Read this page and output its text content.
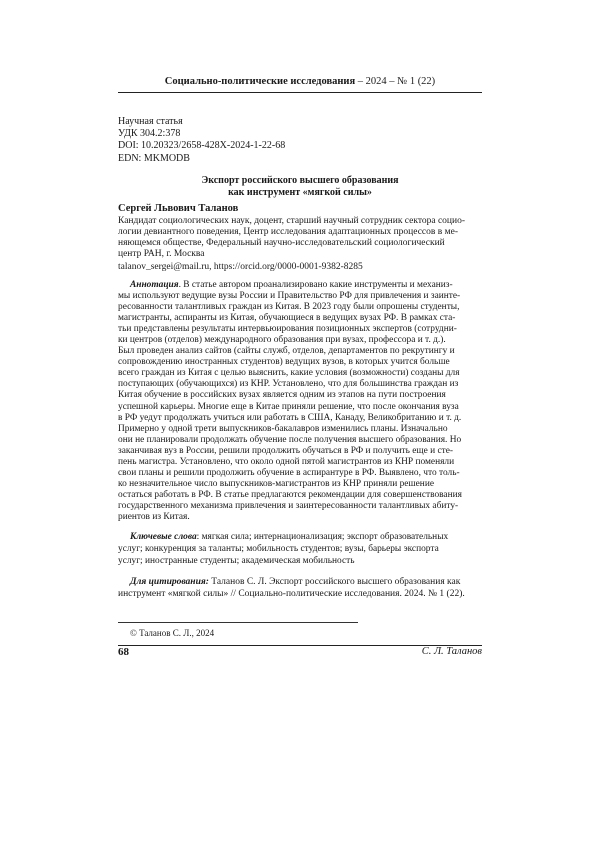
Социально-политические исследования – 2024 – № 1 (22)
Научная статья
УДК 304.2:378
DOI: 10.20323/2658-428X-2024-1-22-68
EDN: MKMODB
Экспорт российского высшего образования
как инструмент «мягкой силы»
Сергей Львович Таланов
Кандидат социологических наук, доцент, старший научный сотрудник сектора социо-
логии девиантного поведения, Центр исследования адаптационных процессов в ме-
няющемся обществе, Федеральный научно-исследовательский социологический
центр РАН, г. Москва
talanov_sergei@mail.ru, https://orcid.org/0000-0001-9382-8285
Аннотация. В статье автором проанализировано какие инструменты и механиз-
мы используют ведущие вузы России и Правительство РФ для привлечения и заинте-
ресованности талантливых граждан из Китая. В 2023 году были опрошены студенты,
магистранты, аспиранты из Китая, обучающиеся в ведущих вузах РФ. В рамках ста-
тьи представлены результаты интервьюирования позиционных экспертов (сотрудни-
ки центров (отделов) международного образования при вузах, профессора и т. д.).
Был проведен анализ сайтов (сайты служб, отделов, департаментов по рекрутингу и
сопровождению иностранных студентов) ведущих вузов, в которых учится больше
всего граждан из Китая с целью выяснить, какие условия (возможности) созданы для
поступающих (обучающихся) из КНР. Установлено, что для большинства граждан из
Китая обучение в российских вузах является одним из этапов на пути построения
успешной карьеры. Многие еще в Китае приняли решение, что после окончания вуза
в РФ уедут продолжать учиться или работать в США, Канаду, Великобританию и т. д.
Примерно у одной трети выпускников-бакалавров изменились планы. Изначально
они не планировали продолжать обучение после получения высшего образования. Но
заканчивая вуз в России, решили продолжить обучаться в РФ и получить еще и сте-
пень магистра. Установлено, что около одной пятой магистрантов из КНР поменяли
свои планы и решили продолжить обучение в аспирантуре в РФ. Выявлено, что толь-
ко незначительное число выпускников-магистрантов из КНР приняли решение
остаться работать в РФ. В статье предлагаются рекомендации для совершенствования
государственного механизма привлечения и заинтересованности талантливых абиту-
риентов из Китая.
Ключевые слова: мягкая сила; интернационализация; экспорт образовательных
услуг; конкуренция за таланты; мобильность студентов; вузы, барьеры экспорта
услуг; иностранные студенты; академическая мобильность
Для цитирования: Таланов С. Л. Экспорт российского высшего образования как
инструмент «мягкой силы» // Социально-политические исследования. 2024. № 1 (22).
© Таланов С. Л., 2024
68	С. Л. Таланов
